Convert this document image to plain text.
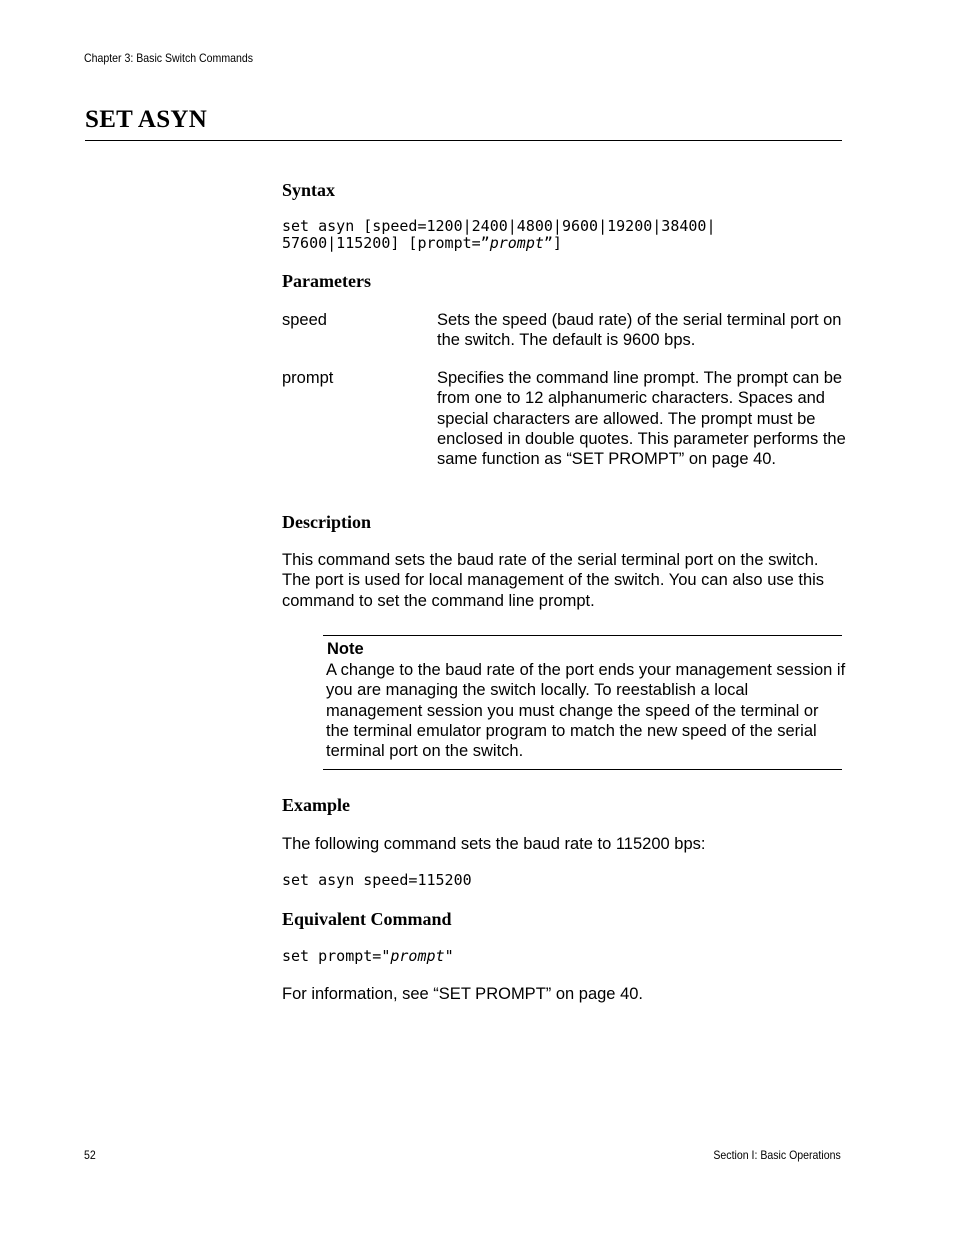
Chapter 3: Basic Switch Commands
SET ASYN
Syntax
set asyn [speed=1200|2400|4800|9600|19200|38400|
57600|115200] [prompt=”prompt”]
Parameters
speed	Sets the speed (baud rate) of the serial terminal port on the switch. The default is 9600 bps.
prompt	Specifies the command line prompt. The prompt can be from one to 12 alphanumeric characters. Spaces and special characters are allowed. The prompt must be enclosed in double quotes. This parameter performs the same function as “SET PROMPT” on page 40.
Description
This command sets the baud rate of the serial terminal port on the switch. The port is used for local management of the switch. You can also use this command to set the command line prompt.
Note
A change to the baud rate of the port ends your management session if you are managing the switch locally. To reestablish a local management session you must change the speed of the terminal or the terminal emulator program to match the new speed of the serial terminal port on the switch.
Example
The following command sets the baud rate to 115200 bps:
set asyn speed=115200
Equivalent Command
set prompt="prompt"
For information, see “SET PROMPT” on page 40.
52	Section I: Basic Operations
